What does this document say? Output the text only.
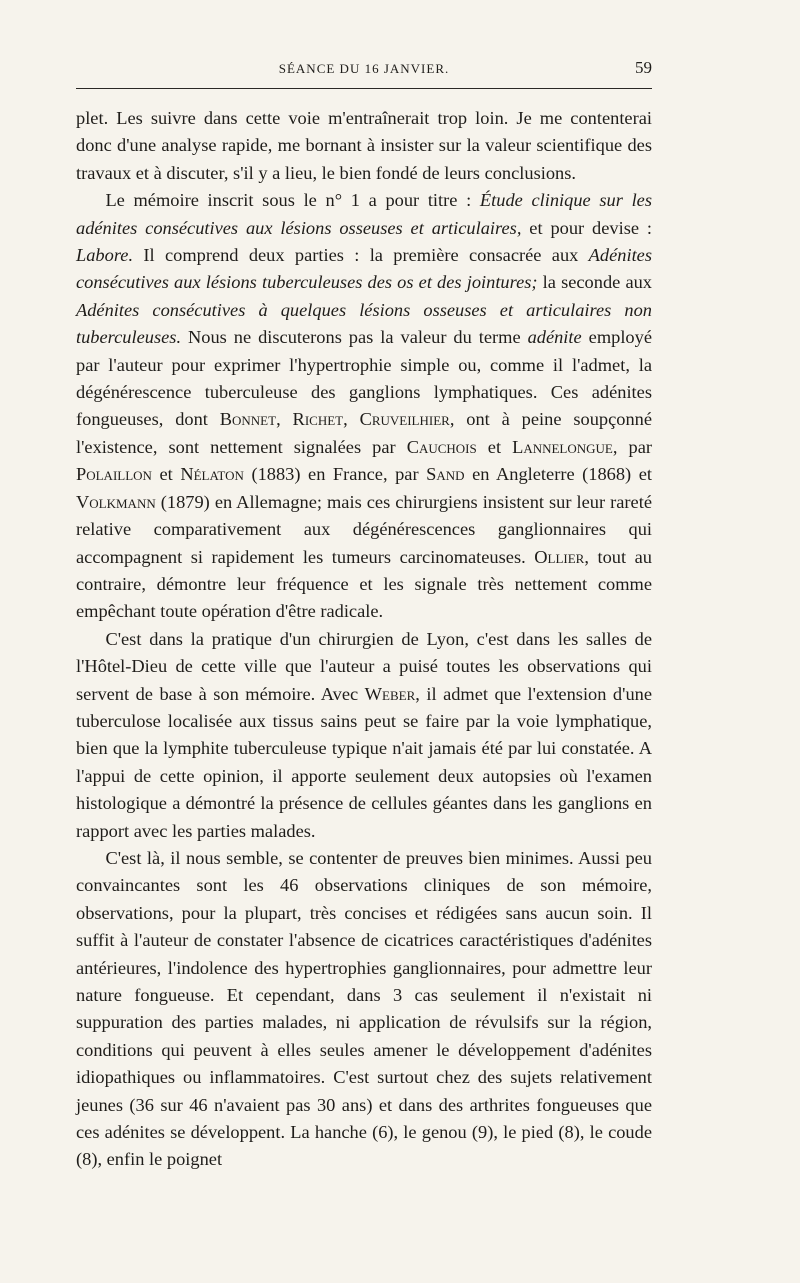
SÉANCE DU 16 JANVIER.	59

plet. Les suivre dans cette voie m'entraînerait trop loin. Je me contenterai donc d'une analyse rapide, me bornant à insister sur la valeur scientifique des travaux et à discuter, s'il y a lieu, le bien fondé de leurs conclusions.

Le mémoire inscrit sous le n° 1 a pour titre : Étude clinique sur les adénites consécutives aux lésions osseuses et articulaires, et pour devise : Labore. Il comprend deux parties : la première consacrée aux Adénites consécutives aux lésions tuberculeuses des os et des jointures; la seconde aux Adénites consécutives à quelques lésions osseuses et articulaires non tuberculeuses. Nous ne discuterons pas la valeur du terme adénite employé par l'auteur pour exprimer l'hypertrophie simple ou, comme il l'admet, la dégénérescence tuberculeuse des ganglions lymphatiques. Ces adénites fongueuses, dont Bonnet, Richet, Cruveilhier, ont à peine soupçonné l'existence, sont nettement signalées par Cauchois et Lannelongue, par Polaillon et Nélaton (1883) en France, par Sand en Angleterre (1868) et Volkmann (1879) en Allemagne; mais ces chirurgiens insistent sur leur rareté relative comparativement aux dégénérescences ganglionnaires qui accompagnent si rapidement les tumeurs carcinomateuses. Ollier, tout au contraire, démontre leur fréquence et les signale très nettement comme empêchant toute opération d'être radicale.

C'est dans la pratique d'un chirurgien de Lyon, c'est dans les salles de l'Hôtel-Dieu de cette ville que l'auteur a puisé toutes les observations qui servent de base à son mémoire. Avec Weber, il admet que l'extension d'une tuberculose localisée aux tissus sains peut se faire par la voie lymphatique, bien que la lymphite tuberculeuse typique n'ait jamais été par lui constatée. A l'appui de cette opinion, il apporte seulement deux autopsies où l'examen histologique a démontré la présence de cellules géantes dans les ganglions en rapport avec les parties malades.

C'est là, il nous semble, se contenter de preuves bien minimes. Aussi peu convaincantes sont les 46 observations cliniques de son mémoire, observations, pour la plupart, très concises et rédigées sans aucun soin. Il suffit à l'auteur de constater l'absence de cicatrices caractéristiques d'adénites antérieures, l'indolence des hypertrophies ganglionnaires, pour admettre leur nature fongueuse. Et cependant, dans 3 cas seulement il n'existait ni suppuration des parties malades, ni application de révulsifs sur la région, conditions qui peuvent à elles seules amener le développement d'adénites idiopathiques ou inflammatoires. C'est surtout chez des sujets relativement jeunes (36 sur 46 n'avaient pas 30 ans) et dans des arthrites fongueuses que ces adénites se développent. La hanche (6), le genou (9), le pied (8), le coude (8), enfin le poignet
